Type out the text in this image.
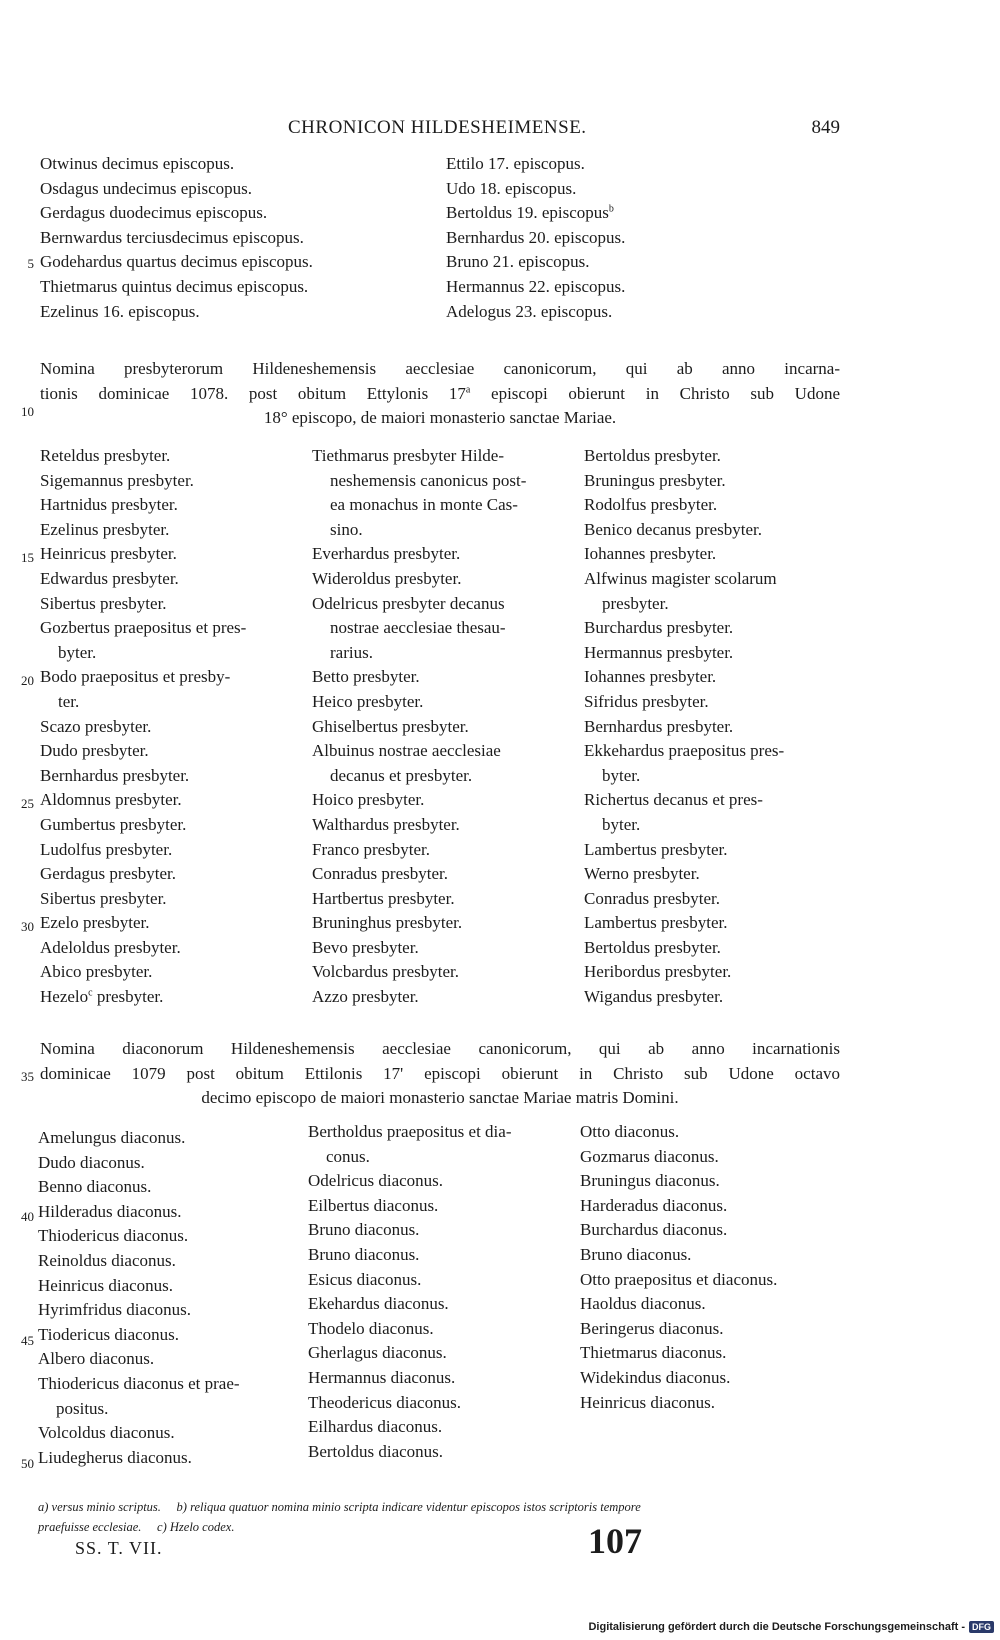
CHRONICON HILDESHEIMENSE.	849
Otwinus decimus episcopus.
Osdagus undecimus episcopus.
Gerdagus duodecimus episcopus.
Bernwardus terciusdecimus episcopus.
Godehardus quartus decimus episcopus.
Thietmarus quintus decimus episcopus.
Ezelinus 16. episcopus.
Ettilo 17. episcopus.
Udo 18. episcopus.
Bertoldus 19. episcopus$^b$
Bernhardus 20. episcopus.
Bruno 21. episcopus.
Hermannus 22. episcopus.
Adelogus 23. episcopus.
5
10
15
20
25
30
35
40
45
50
Nomina presbyterorum Hildeneshemensis aecclesiae canonicorum, qui ab anno incarna-
tionis dominicae 1078. post obitum Ettylonis 17$^a$ episcopi obierunt in Christo sub Udone
18° episcopo, de maiori monasterio sanctae Mariae.
Reteldus presbyter.
Sigemannus presbyter.
Hartnidus presbyter.
Ezelinus presbyter.
Heinricus presbyter.
Edwardus presbyter.
Sibertus presbyter.
Gozbertus praepositus et pres-
byter.
Bodo praepositus et presby-
ter.
Scazo presbyter.
Dudo presbyter.
Bernhardus presbyter.
Aldomnus presbyter.
Gumbertus presbyter.
Ludolfus presbyter.
Gerdagus presbyter.
Sibertus presbyter.
Ezelo presbyter.
Adeloldus presbyter.
Abico presbyter.
Hezelo$^c$ presbyter.
Tiethmarus presbyter Hilde-
neshemensis canonicus post-
ea monachus in monte Cas-
sino.
Everhardus presbyter.
Wideroldus presbyter.
Odelricus presbyter decanus
nostrae aecclesiae thesau-
rarius.
Betto presbyter.
Heico presbyter.
Ghiselbertus presbyter.
Albuinus nostrae aecclesiae
decanus et presbyter.
Hoico presbyter.
Walthardus presbyter.
Franco presbyter.
Conradus presbyter.
Hartbertus presbyter.
Bruninghus presbyter.
Bevo presbyter.
Volcbardus presbyter.
Azzo presbyter.
Bertoldus presbyter.
Bruningus presbyter.
Rodolfus presbyter.
Benico decanus presbyter.
Iohannes presbyter.
Alfwinus magister scolarum
presbyter.
Burchardus presbyter.
Hermannus presbyter.
Iohannes presbyter.
Sifridus presbyter.
Bernhardus presbyter.
Ekkehardus praepositus pres-
byter.
Richertus decanus et pres-
byter.
Lambertus presbyter.
Werno presbyter.
Conradus presbyter.
Lambertus presbyter.
Bertoldus presbyter.
Heribordus presbyter.
Wigandus presbyter.
Nomina diaconorum Hildeneshemensis aecclesiae canonicorum, qui ab anno incarnationis
dominicae 1079 post obitum Ettilonis 17' episcopi obierunt in Christo sub Udone octavo
decimo episcopo de maiori monasterio sanctae Mariae matris Domini.
Amelungus diaconus.
Dudo diaconus.
Benno diaconus.
Hilderadus diaconus.
Thiodericus diaconus.
Reinoldus diaconus.
Heinricus diaconus.
Hyrimfridus diaconus.
Tiodericus diaconus.
Albero diaconus.
Thiodericus diaconus et prae-
positus.
Volcoldus diaconus.
Liudegherus diaconus.
Bertholdus praepositus et dia-
conus.
Odelricus diaconus.
Eilbertus diaconus.
Bruno diaconus.
Bruno diaconus.
Esicus diaconus.
Ekehardus diaconus.
Thodelo diaconus.
Gherlagus diaconus.
Hermannus diaconus.
Theodericus diaconus.
Eilhardus diaconus.
Bertoldus diaconus.
Otto diaconus.
Gozmarus diaconus.
Bruningus diaconus.
Harderadus diaconus.
Burchardus diaconus.
Bruno diaconus.
Otto praepositus et diaconus.
Haoldus diaconus.
Beringerus diaconus.
Thietmarus diaconus.
Widekindus diaconus.
Heinricus diaconus.
a) versus minio scriptus.     b) reliqua quatuor nomina minio scripta indicare videntur episcopos istos scriptoris tempore
praefuisse ecclesiae.     c) Hzelo codex.
SS. T. VII.	107
Digitalisierung gefördert durch die Deutsche Forschungsgemeinschaft - DFG
